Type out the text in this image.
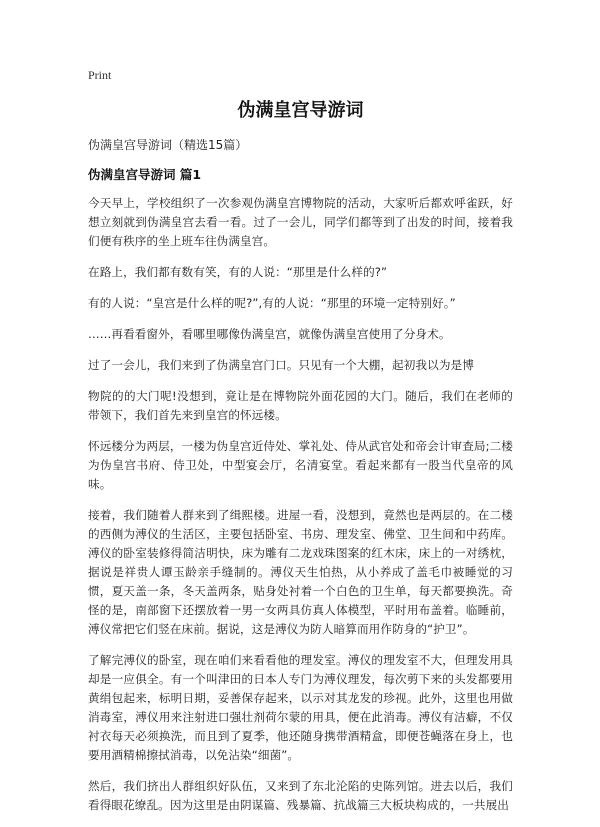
Print
伪满皇宫导游词
伪满皇宫导游词（精选15篇）
伪满皇宫导游词 篇1

今天早上，学校组织了一次参观伪满皇宫博物院的活动，大家听后都欢呼雀跃，好想立刻就到伪满皇宫去看一看。过了一会儿，同学们都等到了出发的时间，接着我们便有秩序的坐上班车往伪满皇宫。

在路上，我们都有数有笑，有的人说：“那里是什么样的?”

有的人说：“皇宫是什么样的呢?”,有的人说：“那里的环境一定特别好。”

……再看看窗外，看哪里哪像伪满皇宫，就像伪满皇宫使用了分身术。

过了一会儿，我们来到了伪满皇宫门口。只见有一个大棚，起初我以为是博

物院的的大门呢!没想到，竟让是在博物院外面花园的大门。随后，我们在老师的带领下，我们首先来到皇宫的怀远楼。

怀远楼分为两层，一楼为伪皇宫近侍处、掌礼处、侍从武官处和帝会计审查局;二楼为伪皇宫书府、侍卫处，中型宴会厅，名清宴堂。看起来都有一股当代皇帝的风味。

接着，我们随着人群来到了缉熙楼。进屋一看，没想到，竟然也是两层的。在二楼的西侧为溥仪的生活区，主要包括卧室、书房、理发室、佛堂、卫生间和中药库。溥仪的卧室装修得简洁明快，床为雕有二龙戏珠图案的红木床，床上的一对绣枕，据说是祥贵人谭玉龄亲手缝制的。溥仪天生怕热，从小养成了盖毛巾被睡觉的习惯，夏天盖一条，冬天盖两条，贴身处衬着一个白色的卫生单，每天都要换洗。奇怪的是，南部窗下还摆放着一男一女两具仿真人体模型，平时用布盖着。临睡前，溥仪常把它们竖在床前。据说，这是溥仪为防人暗算而用作防身的“护卫”。

了解完溥仪的卧室，现在咱们来看看他的理发室。溥仪的理发室不大，但理发用具却是一应俱全。有一个叫津田的日本人专门为溥仪理发，每次剪下来的头发都要用黄绢包起来，标明日期，妥善保存起来，以示对其龙发的珍视。此外，这里也用做消毒室，溥仪用来注射进口强壮剂荷尔蒙的用具，便在此消毒。溥仪有洁癖，不仅衬衣每天必须换洗，而且到了夏季，他还随身携带酒精盒，即便苍蝇落在身上，也要用酒精棉擦拭消毒，以免沾染“细菌”。

然后，我们挤出人群组织好队伍，又来到了东北沦陷的史陈列馆。进去以后，我们看得眼花缭乱。因为这里是由阴谋篇、残暴篇、抗战篇三大板块构成的，一共展出
